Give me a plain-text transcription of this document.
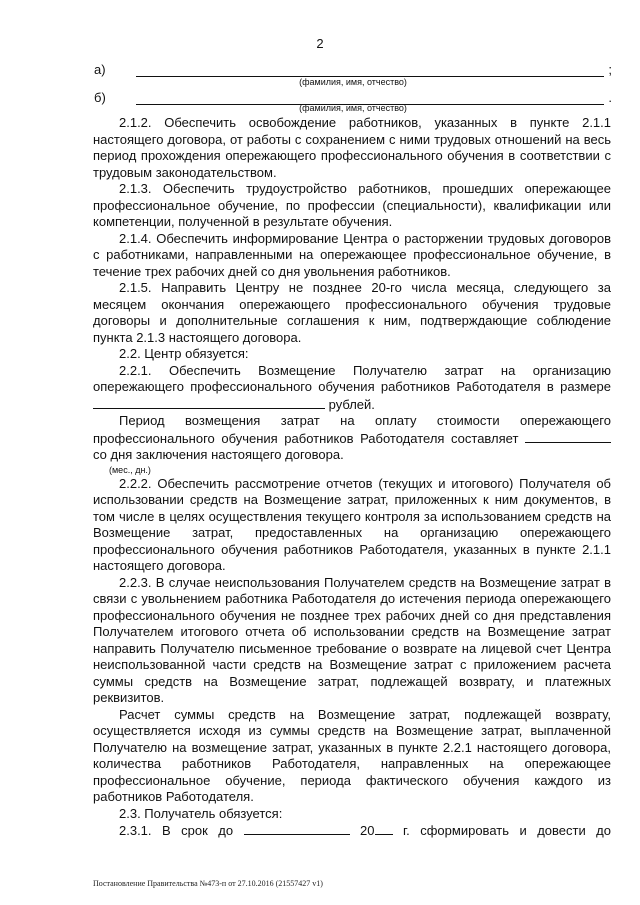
2
а)	;
(фамилия, имя, отчество)
б)	.
(фамилия, имя, отчество)

2.1.2. Обеспечить освобождение работников, указанных в пункте 2.1.1 настоящего договора, от работы с сохранением с ними трудовых отношений на весь период прохождения опережающего профессионального обучения в соответствии с трудовым законодательством.

2.1.3. Обеспечить трудоустройство работников, прошедших опережающее профессиональное обучение, по профессии (специальности), квалификации или компетенции, полученной в результате обучения.

2.1.4. Обеспечить информирование Центра о расторжении трудовых договоров с работниками, направленными на опережающее профессиональное обучение, в течение трех рабочих дней со дня увольнения работников.

2.1.5. Направить Центру не позднее 20-го числа месяца, следующего за месяцем окончания опережающего профессионального обучения трудовые договоры и дополнительные соглашения к ним, подтверждающие соблюдение пункта 2.1.3 настоящего договора.

2.2. Центр обязуется:

2.2.1. Обеспечить Возмещение Получателю затрат на организацию опережающего профессионального обучения работников Работодателя в размере  рублей.

Период возмещения затрат на оплату стоимости опережающего профессионального обучения работников Работодателя составляет  со дня заключения настоящего договора.

(мес., дн.)

2.2.2. Обеспечить рассмотрение отчетов (текущих и итогового) Получателя об использовании средств на Возмещение затрат, приложенных к ним документов, в том числе в целях осуществления текущего контроля за использованием средств на Возмещение затрат, предоставленных на организацию опережающего профессионального обучения работников Работодателя, указанных в пункте 2.1.1 настоящего договора.

2.2.3. В случае неиспользования Получателем средств на Возмещение затрат в связи с увольнением работника Работодателя до истечения периода опережающего профессионального обучения не позднее трех рабочих дней со дня представления Получателем итогового отчета об использовании средств на Возмещение затрат направить Получателю письменное требование о возврате на лицевой счет Центра неиспользованной части средств на Возмещение затрат с приложением расчета суммы средств на Возмещение затрат, подлежащей возврату, и платежных реквизитов.

Расчет суммы средств на Возмещение затрат, подлежащей возврату, осуществляется исходя из суммы средств на Возмещение затрат, выплаченной Получателю на возмещение затрат, указанных в пункте 2.2.1 настоящего договора, количества работников Работодателя, направленных на опережающее профессиональное обучение, периода фактического обучения каждого из работников Работодателя.

2.3. Получатель обязуется:

2.3.1. В срок до	20 г. сформировать и довести до

Постановление Правительства №473-п от 27.10.2016 (21557427 v1)
